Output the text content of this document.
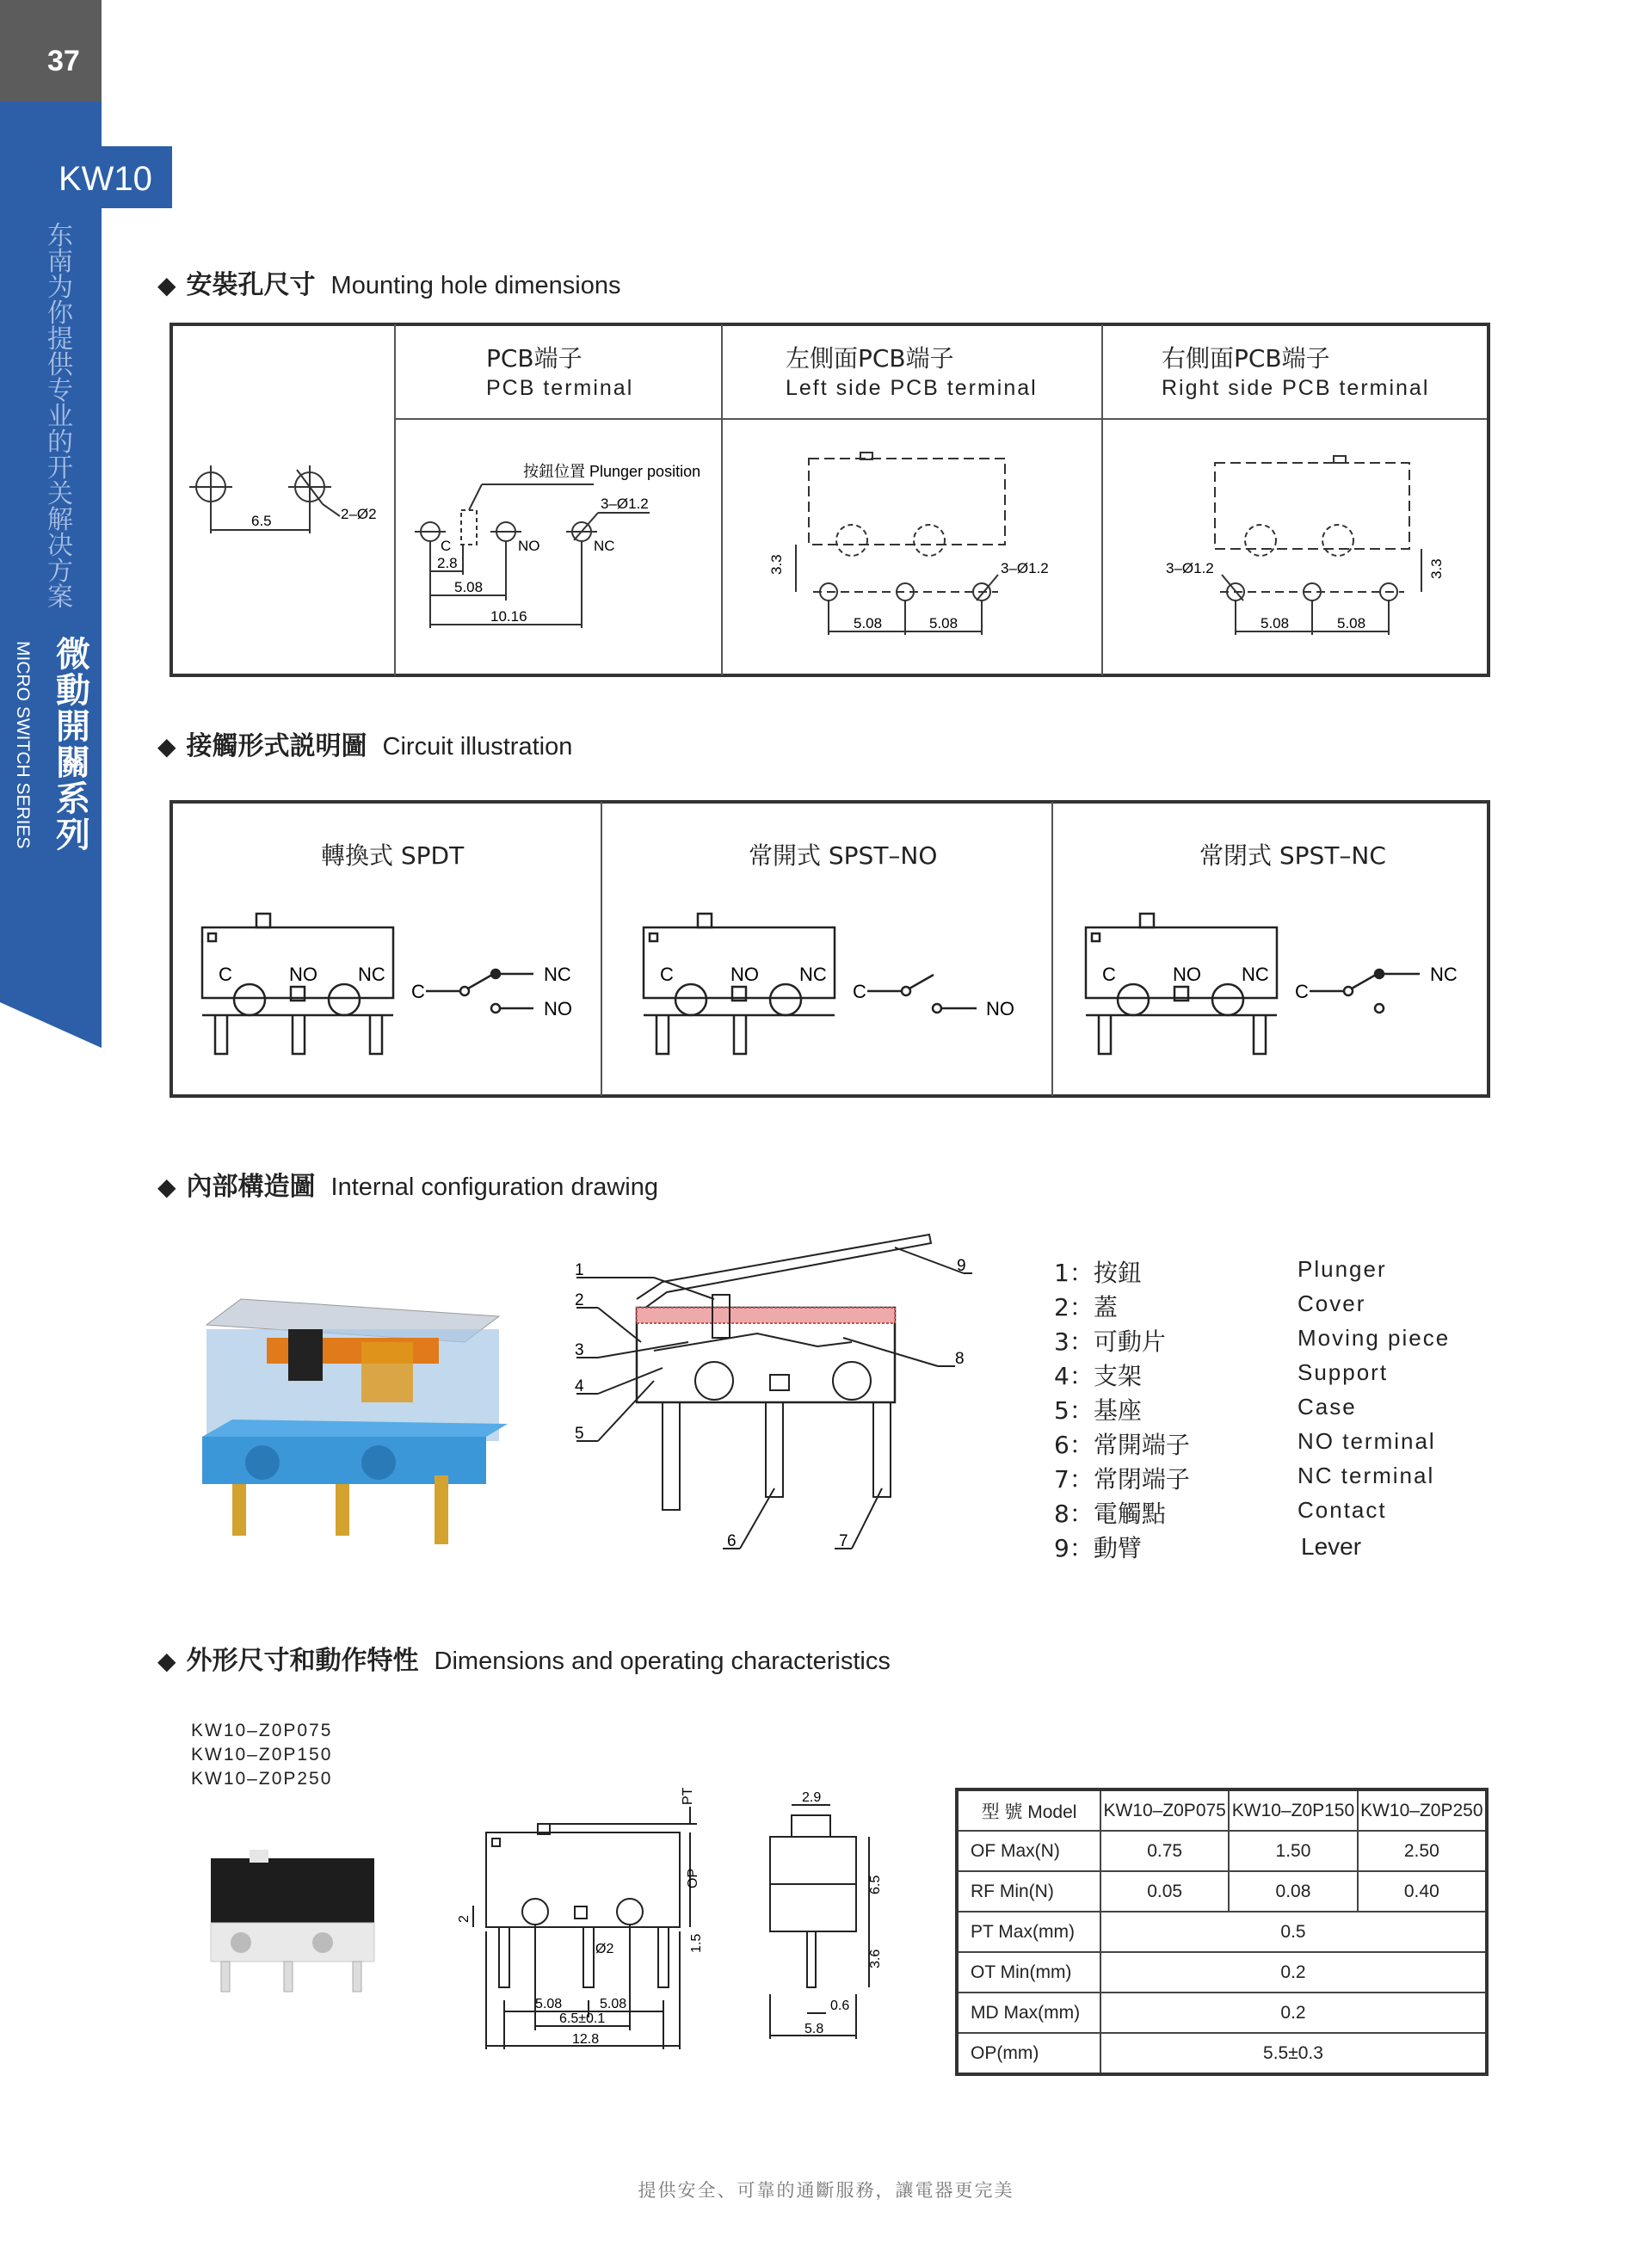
37
KW10
东南为你提供专业的开关解决方案
微動開關系列
MICRO SWITCH SERIES
◆ 安裝孔尺寸 Mounting hole dimensions
PCB端子
PCB terminal
左側面PCB端子
Left side PCB terminal
右側面PCB端子
Right side PCB terminal
6.5	2–Ø2
按鈕位置 Plunger position
3–Ø1.2
C	NO	NC
2.8
5.08
10.16
3.3	3–Ø1.2
5.08	5.08
3.3
3–Ø1.2
5.08	5.08
◆ 接觸形式説明圖 Circuit illustration
轉換式 SPDT	常開式 SPST–NO	常閉式 SPST–NC
C	NO NC
C
NC
NO
C	NO NC
C
NO
C	NO NC
C
NC
◆ 內部構造圖 Internal configuration drawing
1
2
3
4
5
6	7
8
9	1：按鈕	Plunger
2：蓋	Cover
3：可動片	Moving piece
4：支架	Support
5：基座	Case
6：常開端子	NO terminal
7：常閉端子	NC terminal
8：電觸點	Contact
9：動臂	Lever
◆ 外形尺寸和動作特性 Dimensions and operating characteristics
KW10–Z0P075
KW10–Z0P150
KW10–Z0P250
PT
OP
2
1.5
Ø2
5.08	5.08
6.5±0.1
12.8
2.9
6.5
3.6
0.6
5.8
型 號 Model	KW10–Z0P075	KW10–Z0P150	KW10–Z0P250
OF Max(N)	0.75	1.50	2.50
RF Min(N)	0.05	0.08	0.40
PT Max(mm)	0.5		
OT Min(mm)	0.2		
MD Max(mm)	0.2		
OP(mm)	5.5±0.3		
提供安全、可靠的通斷服務，讓電器更完美
